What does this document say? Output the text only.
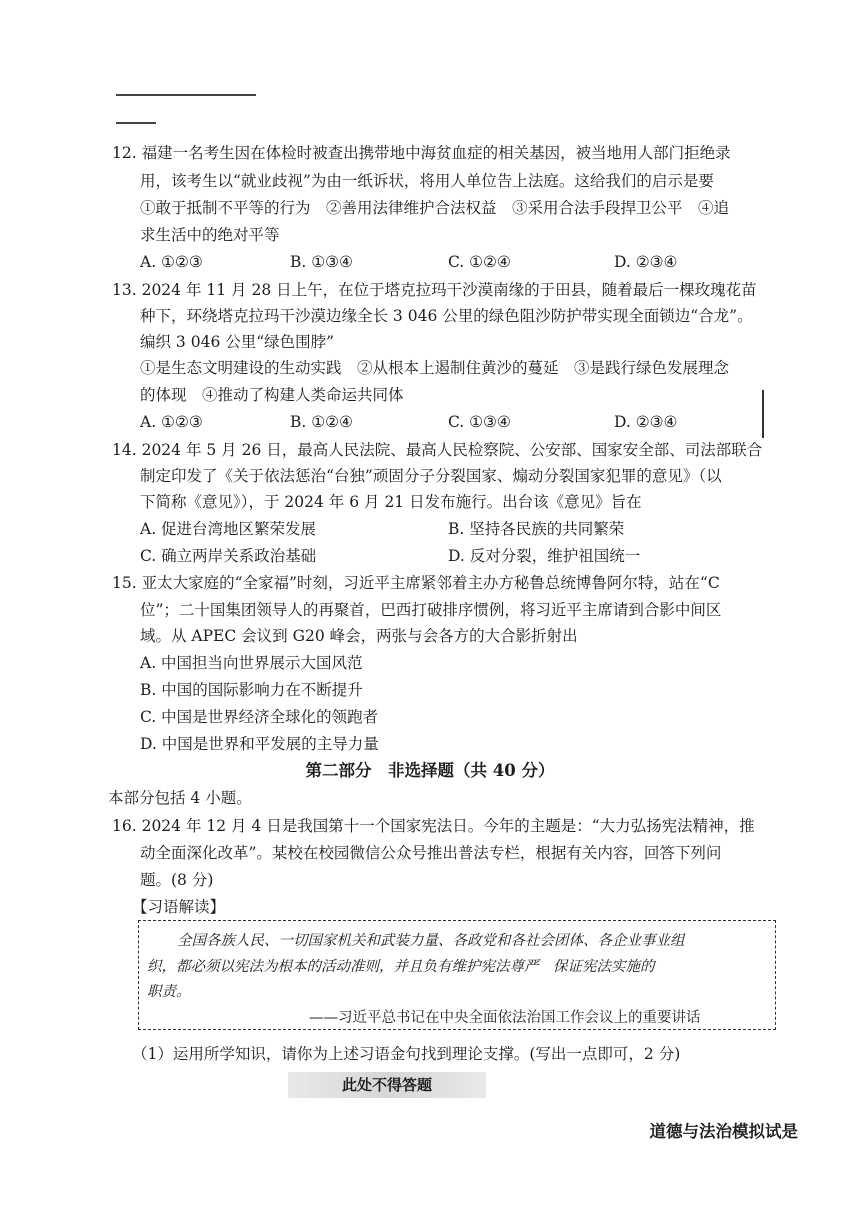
12. 福建一名考生因在体检时被查出携带地中海贫血症的相关基因，被当地用人部门拒绝录
用，该考生以“就业歧视”为由一纸诉状，将用人单位告上法庭。这给我们的启示是要
①敢于抵制不平等的行为　②善用法律维护合法权益　③采用合法手段捍卫公平　④追
求生活中的绝对平等
A. ①②③	B. ①③④	C. ①②④	D. ②③④
13. 2024 年 11 月 28 日上午，在位于塔克拉玛干沙漠南缘的于田县，随着最后一棵玫瑰花苗
种下，环绕塔克拉玛干沙漠边缘全长 3 046 公里的绿色阻沙防护带实现全面锁边“合龙”。
编织 3 046 公里“绿色围脖”
①是生态文明建设的生动实践　②从根本上遏制住黄沙的蔓延　③是践行绿色发展理念
的体现　④推动了构建人类命运共同体
A. ①②③	B. ①②④	C. ①③④	D. ②③④
14. 2024 年 5 月 26 日，最高人民法院、最高人民检察院、公安部、国家安全部、司法部联合
制定印发了《关于依法惩治“台独”顽固分子分裂国家、煽动分裂国家犯罪的意见》（以
下简称《意见》），于 2024 年 6 月 21 日发布施行。出台该《意见》旨在
A. 促进台湾地区繁荣发展	B. 坚持各民族的共同繁荣
C. 确立两岸关系政治基础	D. 反对分裂，维护祖国统一
15. 亚太大家庭的“全家福”时刻，习近平主席紧邻着主办方秘鲁总统博鲁阿尔特，站在“C
位”；二十国集团领导人的再聚首，巴西打破排序惯例，将习近平主席请到合影中间区
域。从 APEC 会议到 G20 峰会，两张与会各方的大合影折射出
A. 中国担当向世界展示大国风范
B. 中国的国际影响力在不断提升
C. 中国是世界经济全球化的领跑者
D. 中国是世界和平发展的主导力量
第二部分　非选择题（共 40 分）
本部分包括 4 小题。
16. 2024 年 12 月 4 日是我国第十一个国家宪法日。今年的主题是：“大力弘扬宪法精神，推
动全面深化改革”。某校在校园微信公众号推出普法专栏，根据有关内容，回答下列问
题。(8 分)
【习语解读】
全国各族人民、一切国家机关和武装力量、各政党和各社会团体、各企业事业组
织，都必须以宪法为根本的活动准则，并且负有维护宪法尊严　保证宪法实施的
职责。
——习近平总书记在中央全面依法治国工作会议上的重要讲话
（1）运用所学知识，请你为上述习语金句找到理论支撑。(写出一点即可，2 分)
此处不得答题
道德与法治模拟试是
